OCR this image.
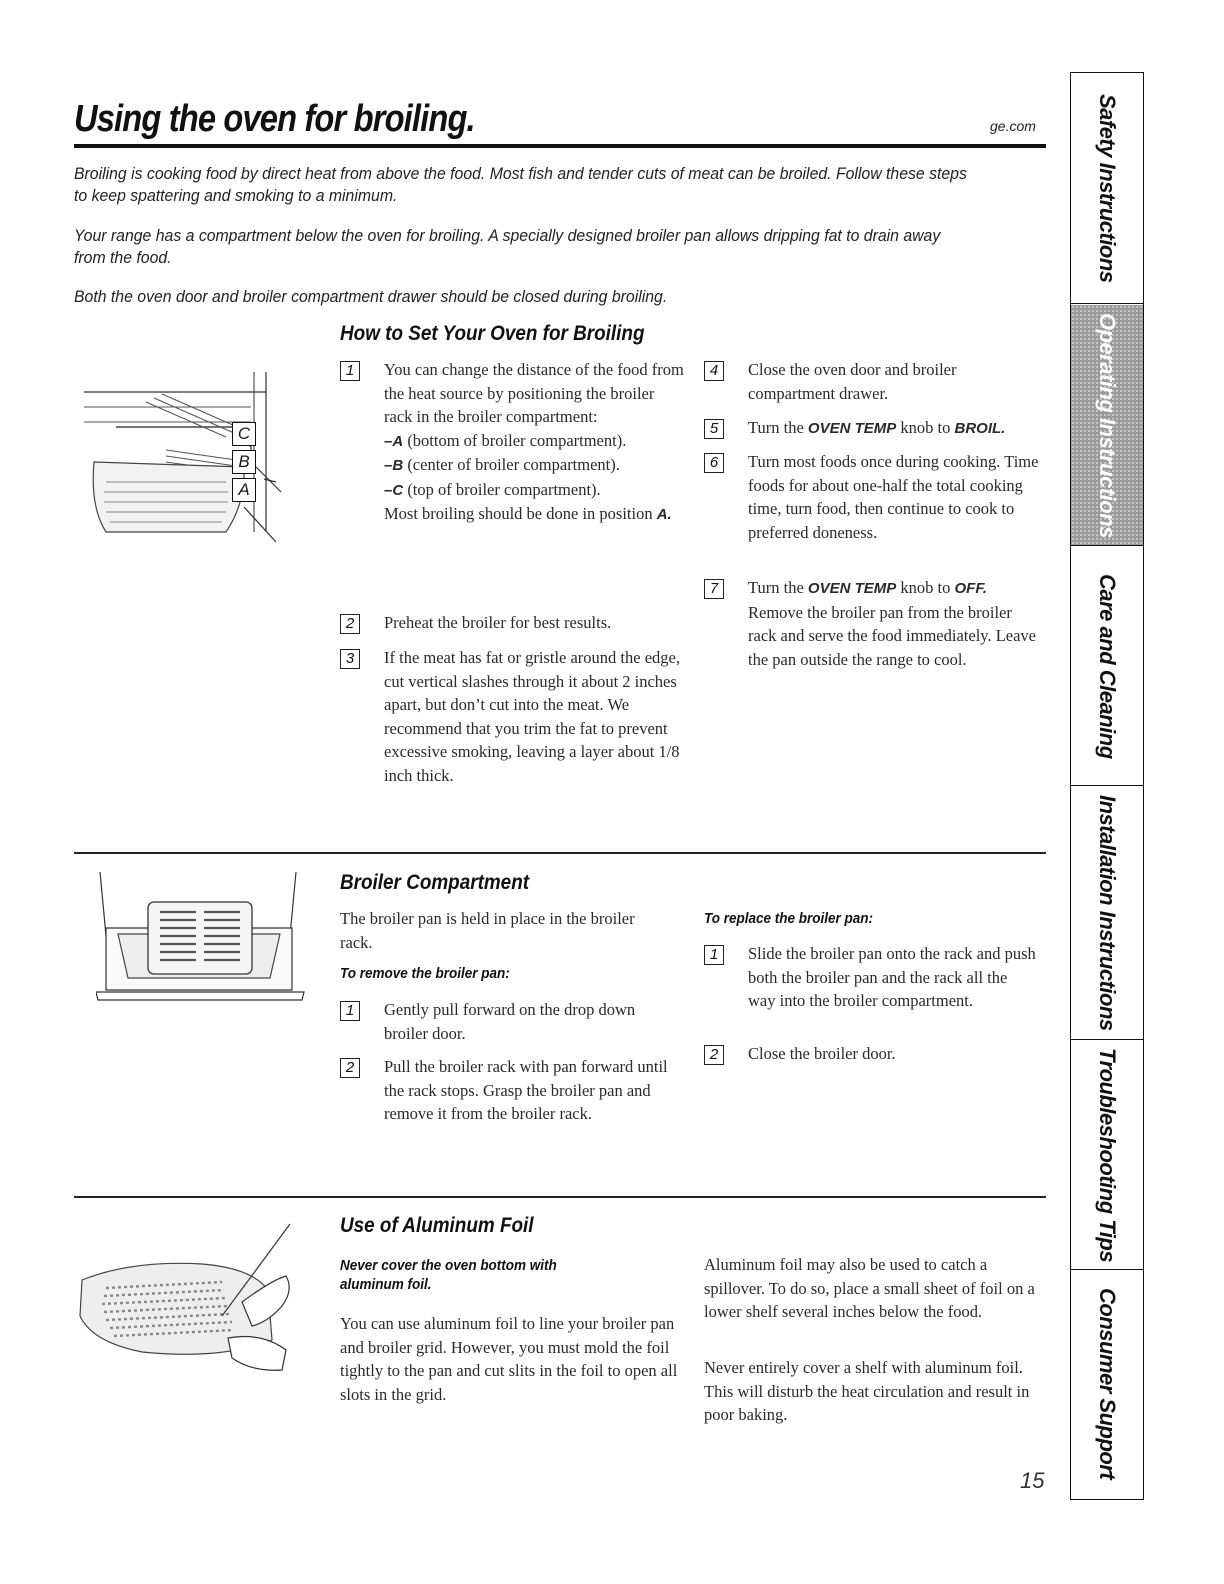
Using the oven for broiling.	ge.com
Broiling is cooking food by direct heat from above the food. Most fish and tender cuts of meat can be broiled. Follow these steps to keep spattering and smoking to a minimum.
Your range has a compartment below the oven for broiling. A specially designed broiler pan allows dripping fat to drain away from the food.
Both the oven door and broiler compartment drawer should be closed during broiling.
C
B
A
How to Set Your Oven for Broiling
1	You can change the distance of the food from the heat source by positioning the broiler rack in the broiler compartment:
–A (bottom of broiler compartment).
–B (center of broiler compartment).
–C (top of broiler compartment).
Most broiling should be done in position A.
2	Preheat the broiler for best results.
3	If the meat has fat or gristle around the edge, cut vertical slashes through it about 2 inches apart, but don’t cut into the meat. We recommend that you trim the fat to prevent excessive smoking, leaving a layer about 1/8 inch thick.
4	Close the oven door and broiler compartment drawer.
5	Turn the OVEN TEMP knob to BROIL.
6	Turn most foods once during cooking. Time foods for about one-half the total cooking time, turn food, then continue to cook to preferred doneness.
7	Turn the OVEN TEMP knob to OFF.
Remove the broiler pan from the broiler rack and serve the food immediately. Leave the pan outside the range to cool.
Broiler Compartment
The broiler pan is held in place in the broiler rack.
To remove the broiler pan:
1	Gently pull forward on the drop down broiler door.
2	Pull the broiler rack with pan forward until the rack stops. Grasp the broiler pan and remove it from the broiler rack.
To replace the broiler pan:
1	Slide the broiler pan onto the rack and push both the broiler pan and the rack all the way into the broiler compartment.
2	Close the broiler door.
Use of Aluminum Foil
Never cover the oven bottom with aluminum foil.
You can use aluminum foil to line your broiler pan and broiler grid. However, you must mold the foil tightly to the pan and cut slits in the foil to open all slots in the grid.
Aluminum foil may also be used to catch a spillover. To do so, place a small sheet of foil on a lower shelf several inches below the food.
Never entirely cover a shelf with aluminum foil. This will disturb the heat circulation and result in poor baking.
Safety Instructions
Operating Instructions
Care and Cleaning
Installation Instructions
Troubleshooting Tips
Consumer Support
15
